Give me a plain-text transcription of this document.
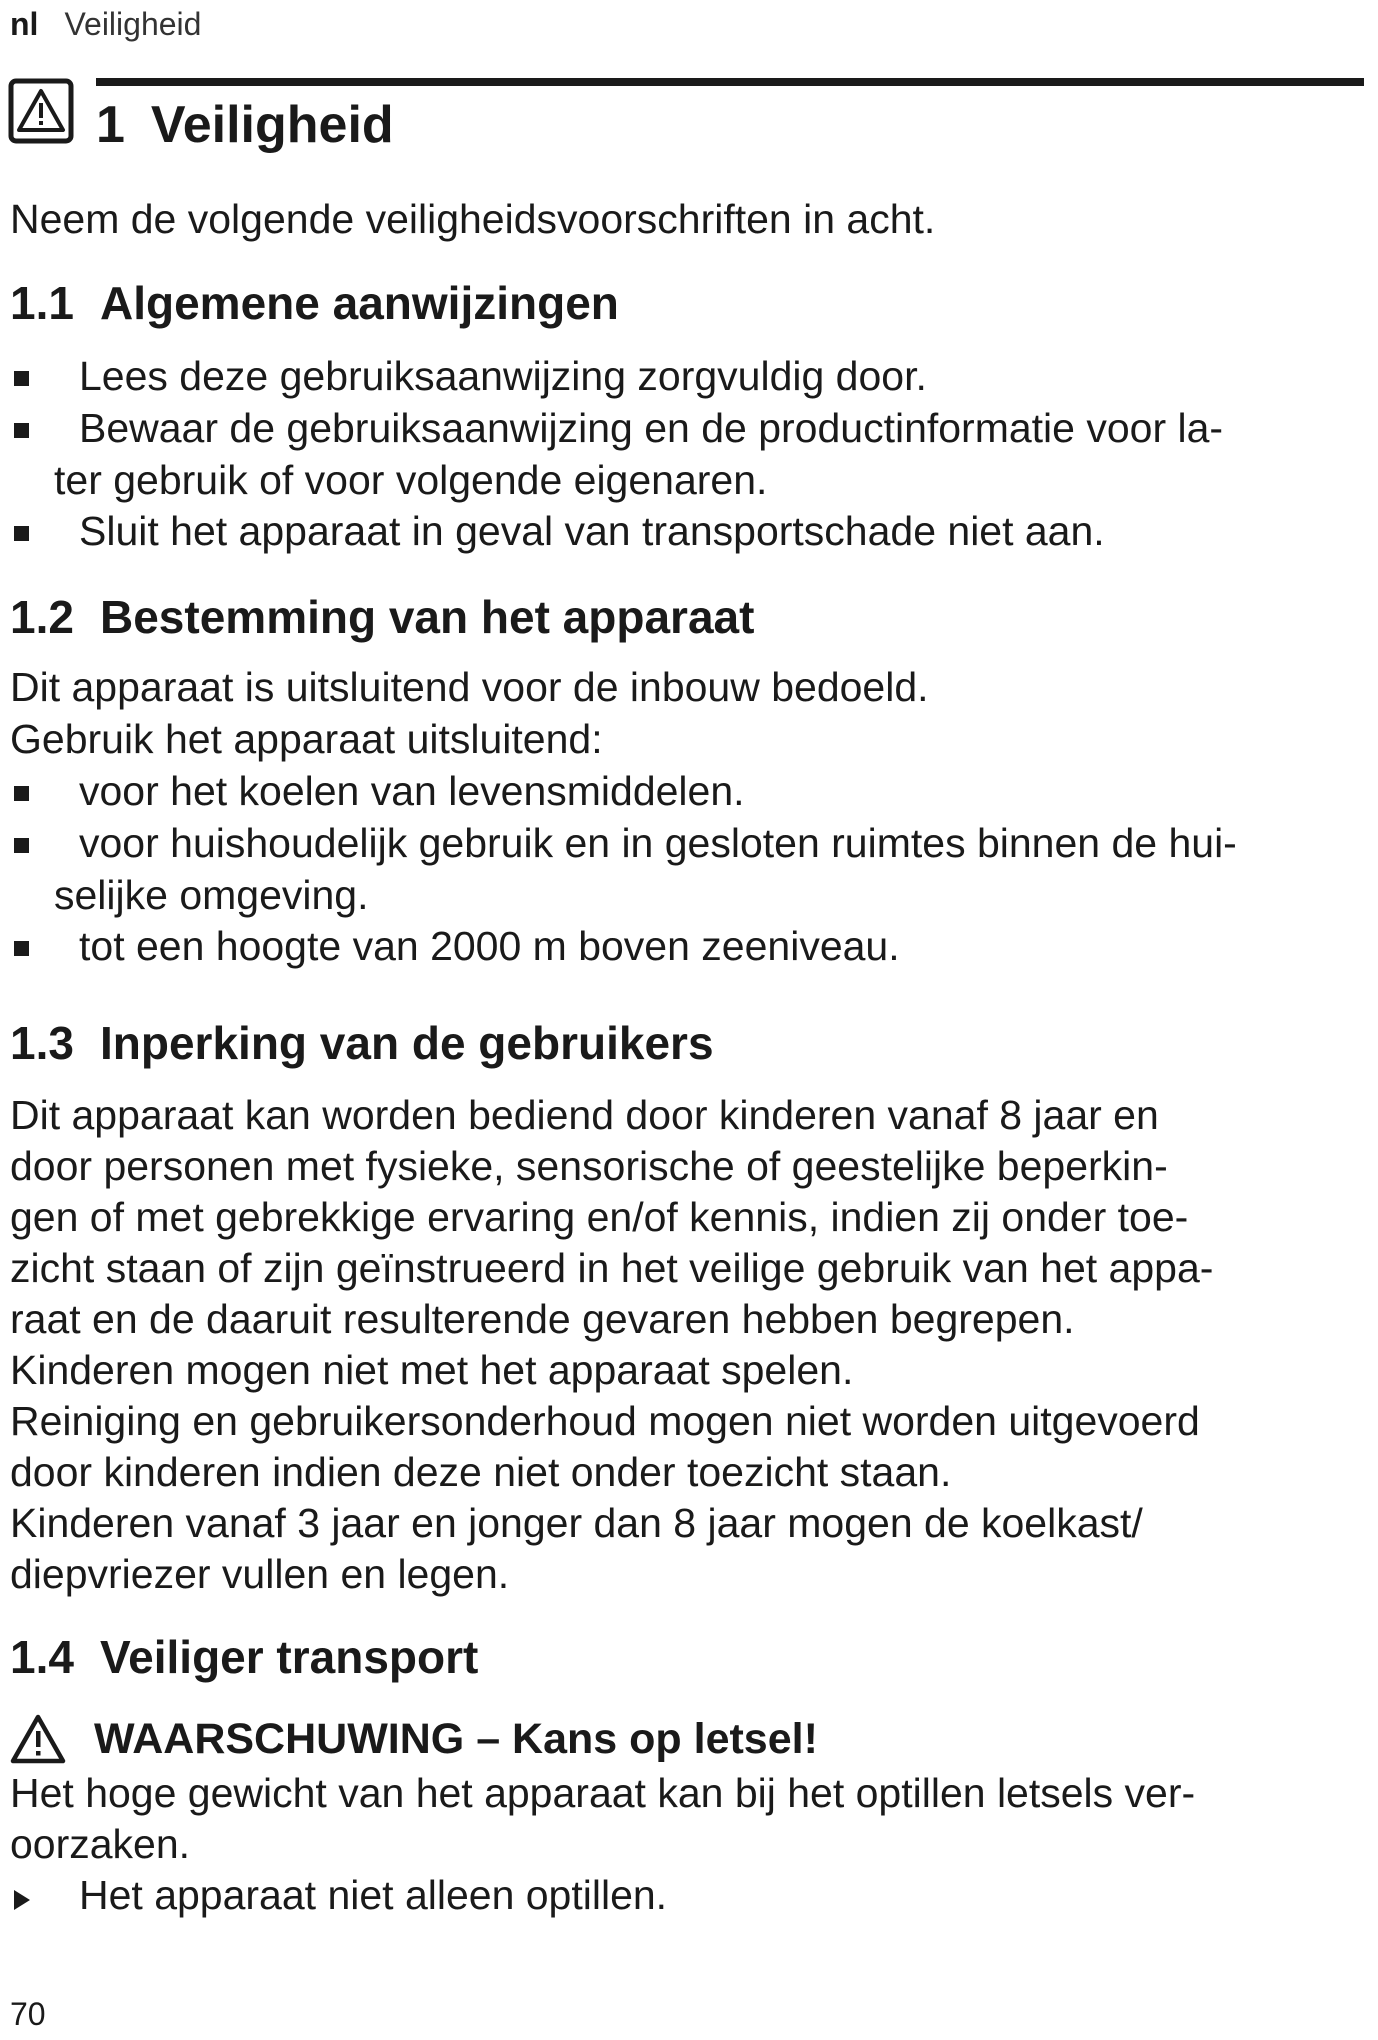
nl Veiligheid
1 Veiligheid
Neem de volgende veiligheidsvoorschriften in acht.
1.1 Algemene aanwijzingen
Lees deze gebruiksaanwijzing zorgvuldig door.
Bewaar de gebruiksaanwijzing en de productinformatie voor la-
ter gebruik of voor volgende eigenaren.
Sluit het apparaat in geval van transportschade niet aan.
1.2 Bestemming van het apparaat
Dit apparaat is uitsluitend voor de inbouw bedoeld.
Gebruik het apparaat uitsluitend:
voor het koelen van levensmiddelen.
voor huishoudelijk gebruik en in gesloten ruimtes binnen de hui-
selijke omgeving.
tot een hoogte van 2000 m boven zeeniveau.
1.3 Inperking van de gebruikers
Dit apparaat kan worden bediend door kinderen vanaf 8 jaar en
door personen met fysieke, sensorische of geestelijke beperkin-
gen of met gebrekkige ervaring en/of kennis, indien zij onder toe-
zicht staan of zijn geïnstrueerd in het veilige gebruik van het appa-
raat en de daaruit resulterende gevaren hebben begrepen.
Kinderen mogen niet met het apparaat spelen.
Reiniging en gebruikersonderhoud mogen niet worden uitgevoerd
door kinderen indien deze niet onder toezicht staan.
Kinderen vanaf 3 jaar en jonger dan 8 jaar mogen de koelkast/
diepvriezer vullen en legen.
1.4 Veiliger transport
WAARSCHUWING – Kans op letsel!
Het hoge gewicht van het apparaat kan bij het optillen letsels ver-
oorzaken.
Het apparaat niet alleen optillen.
70
